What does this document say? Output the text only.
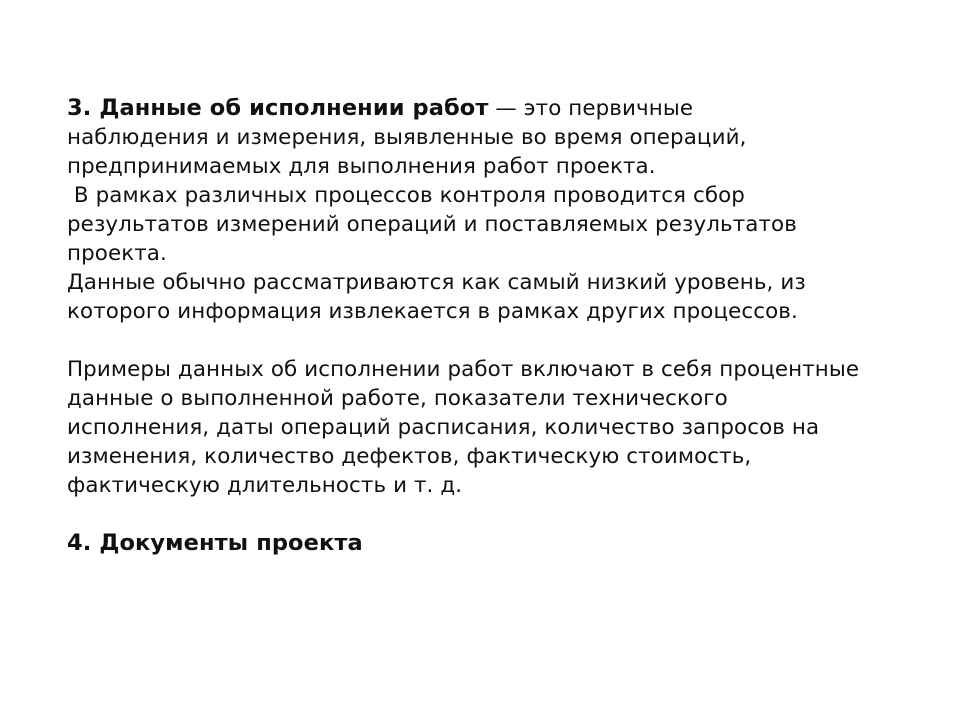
3. Данные об исполнении работ — это первичные
наблюдения и измерения, выявленные во время операций,
предпринимаемых для выполнения работ проекта.
В рамках различных процессов контроля проводится сбор
результатов измерений операций и поставляемых результатов
проекта.
Данные обычно рассматриваются как самый низкий уровень, из
которого информация извлекается в рамках других процессов.
Примеры данных об исполнении работ включают в себя процентные
данные о выполненной работе, показатели технического
исполнения, даты операций расписания, количество запросов на
изменения, количество дефектов, фактическую стоимость,
фактическую длительность и т. д.
4. Документы проекта
